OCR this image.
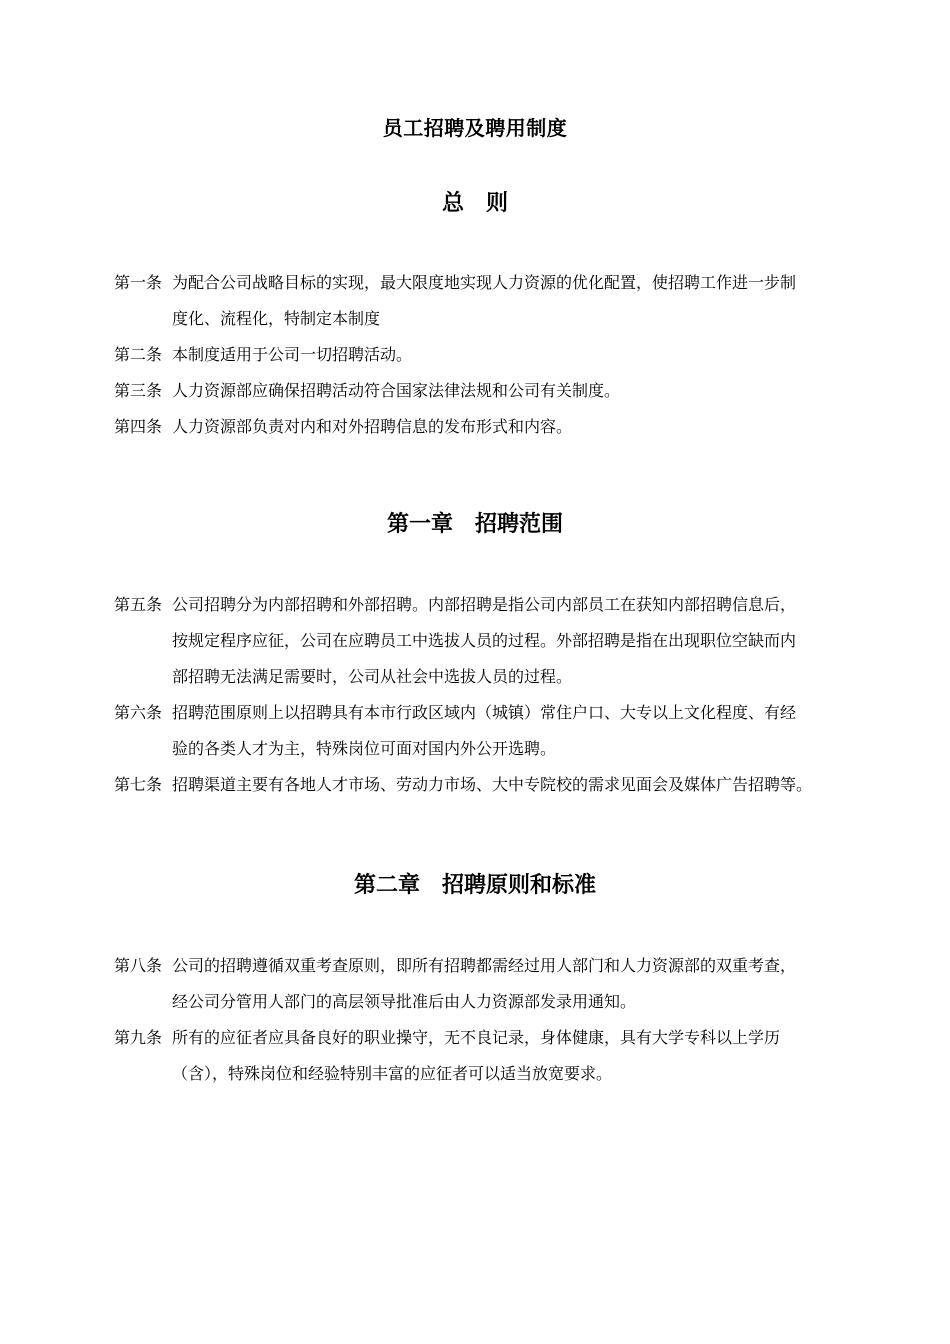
员工招聘及聘用制度
总　则
第一条 为配合公司战略目标的实现，最大限度地实现人力资源的优化配置，使招聘工作进一步制
度化、流程化，特制定本制度
第二条 本制度适用于公司一切招聘活动。
第三条 人力资源部应确保招聘活动符合国家法律法规和公司有关制度。
第四条 人力资源部负责对内和对外招聘信息的发布形式和内容。
第一章　招聘范围
第五条 公司招聘分为内部招聘和外部招聘。内部招聘是指公司内部员工在获知内部招聘信息后，
按规定程序应征，公司在应聘员工中选拔人员的过程。外部招聘是指在出现职位空缺而内
部招聘无法满足需要时，公司从社会中选拔人员的过程。
第六条 招聘范围原则上以招聘具有本市行政区域内（城镇）常住户口、大专以上文化程度、有经
验的各类人才为主，特殊岗位可面对国内外公开选聘。
第七条 招聘渠道主要有各地人才市场、劳动力市场、大中专院校的需求见面会及媒体广告招聘等。
第二章　招聘原则和标准
第八条 公司的招聘遵循双重考查原则，即所有招聘都需经过用人部门和人力资源部的双重考查，
经公司分管用人部门的高层领导批准后由人力资源部发录用通知。
第九条 所有的应征者应具备良好的职业操守，无不良记录，身体健康，具有大学专科以上学历
（含），特殊岗位和经验特别丰富的应征者可以适当放宽要求。
